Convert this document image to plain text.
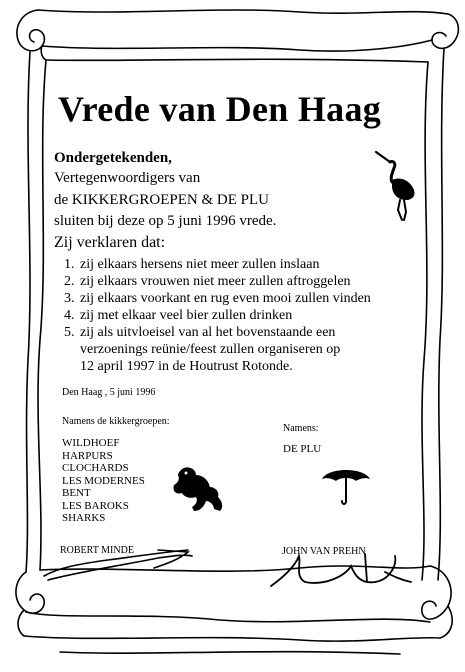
Vrede van Den Haag
Ondergetekenden,
Vertegenwoordigers van
de KIKKERGROEPEN & DE PLU
sluiten bij deze op 5 juni 1996 vrede.
Zij verklaren dat:
1. zij elkaars hersens niet meer zullen inslaan
2. zij elkaars vrouwen niet meer zullen aftroggelen
3. zij elkaars voorkant en rug even mooi zullen vinden
4. zij met elkaar veel bier zullen drinken
5. zij als uitvloeisel van al het bovenstaande een
verzoenings reünie/feest zullen organiseren op
12 april 1997 in de Houtrust Rotonde.
Den Haag , 5 juni 1996
Namens de kikkergroepen:
Namens:
WILDHOEF
HARPURS
CLOCHARDS
LES MODERNES
BENT
LES BAROKS
SHARKS
DE PLU
ROBERT MINDE	JOHN VAN PREHN
